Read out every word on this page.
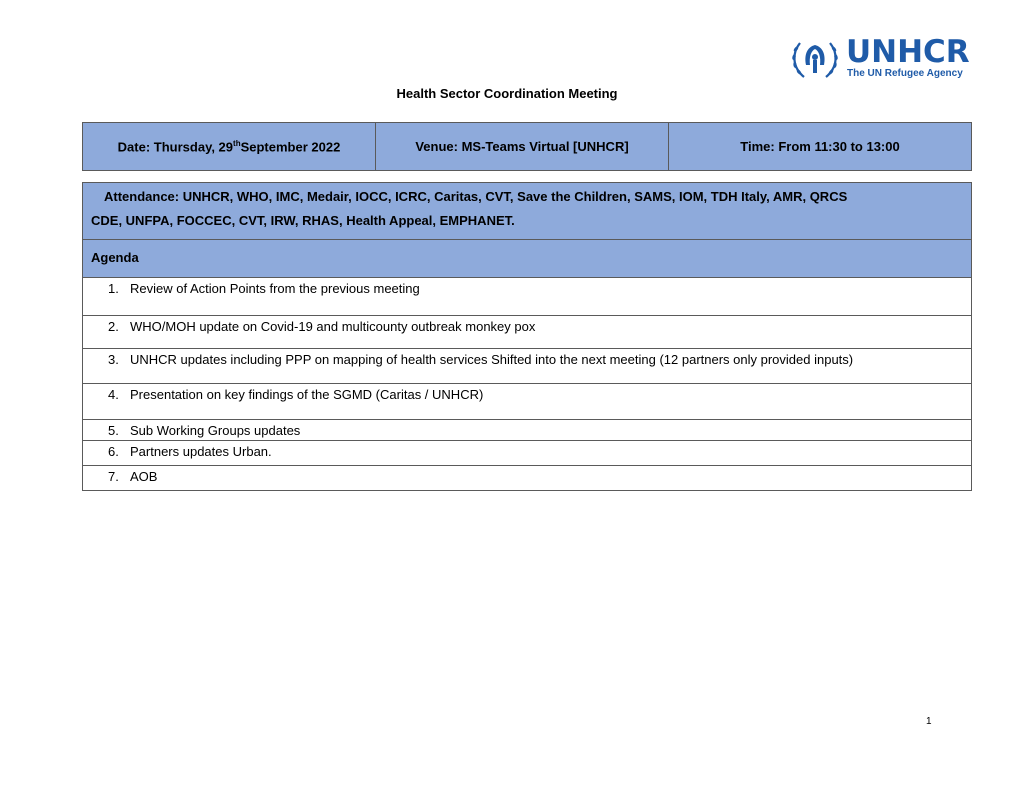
UNHCR
The UN Refugee Agency
Health Sector Coordination Meeting
Date: Thursday, 29thSeptember 2022	Venue: MS-Teams Virtual [UNHCR]	Time: From 11:30 to 13:00
Attendance: UNHCR, WHO, IMC, Medair, IOCC, ICRC, Caritas, CVT, Save the Children, SAMS, IOM, TDH Italy, AMR, QRCS
CDE, UNFPA, FOCCEC, CVT, IRW, RHAS, Health Appeal, EMPHANET.

Agenda
1. Review of Action Points from the previous meeting
2. WHO/MOH update on Covid-19 and multicounty outbreak monkey pox
3. UNHCR updates including PPP on mapping of health services Shifted into the next meeting (12 partners only provided inputs)
4. Presentation on key findings of the SGMD (Caritas / UNHCR)
5. Sub Working Groups updates
6. Partners updates Urban.
7. AOB
1
